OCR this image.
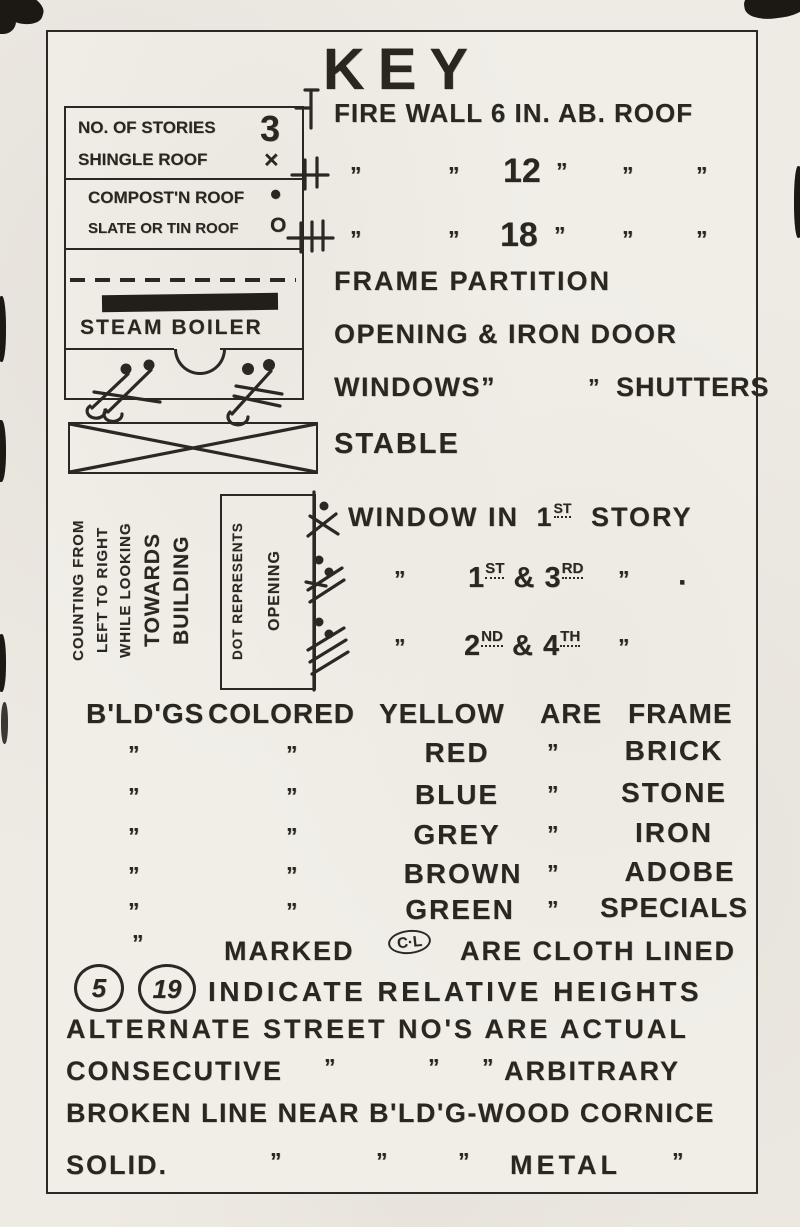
KEY
NO. OF STORIES 3
SHINGLE ROOF ×
COMPOST'N ROOF •
SLATE OR TIN ROOF O
STEAM BOILER
FIRE WALL 6 IN. AB. ROOF
”	” 12 ” ”	”
”	” 18 ”	”	”
FRAME PARTITION
OPENING & IRON DOOR
WINDOWS”	” SHUTTERS
STABLE
COUNTING FROM LEFT TO RIGHT WHILE LOOKING TOWARDS BUILDING	DOT REPRESENTS OPENING
WINDOW IN 1ST STORY
” 1ST & 3RD ” ·
” 2ND & 4TH ”
B'LD'GS COLORED YELLOW ARE FRAME
”	”	RED ” BRICK
”	”	BLUE ” STONE
”	”	GREY ”	IRON
”	”	BROWN ” ADOBE
”	”	GREEN ” SPECIALS
”	MARKED	C·L	ARE CLOTH LINED
5	19 INDICATE RELATIVE HEIGHTS
ALTERNATE STREET NO'S ARE ACTUAL
CONSECUTIVE ”	” ” ARBITRARY
BROKEN LINE NEAR B'LD'G-WOOD CORNICE
SOLID.	”	”	” METAL ”
